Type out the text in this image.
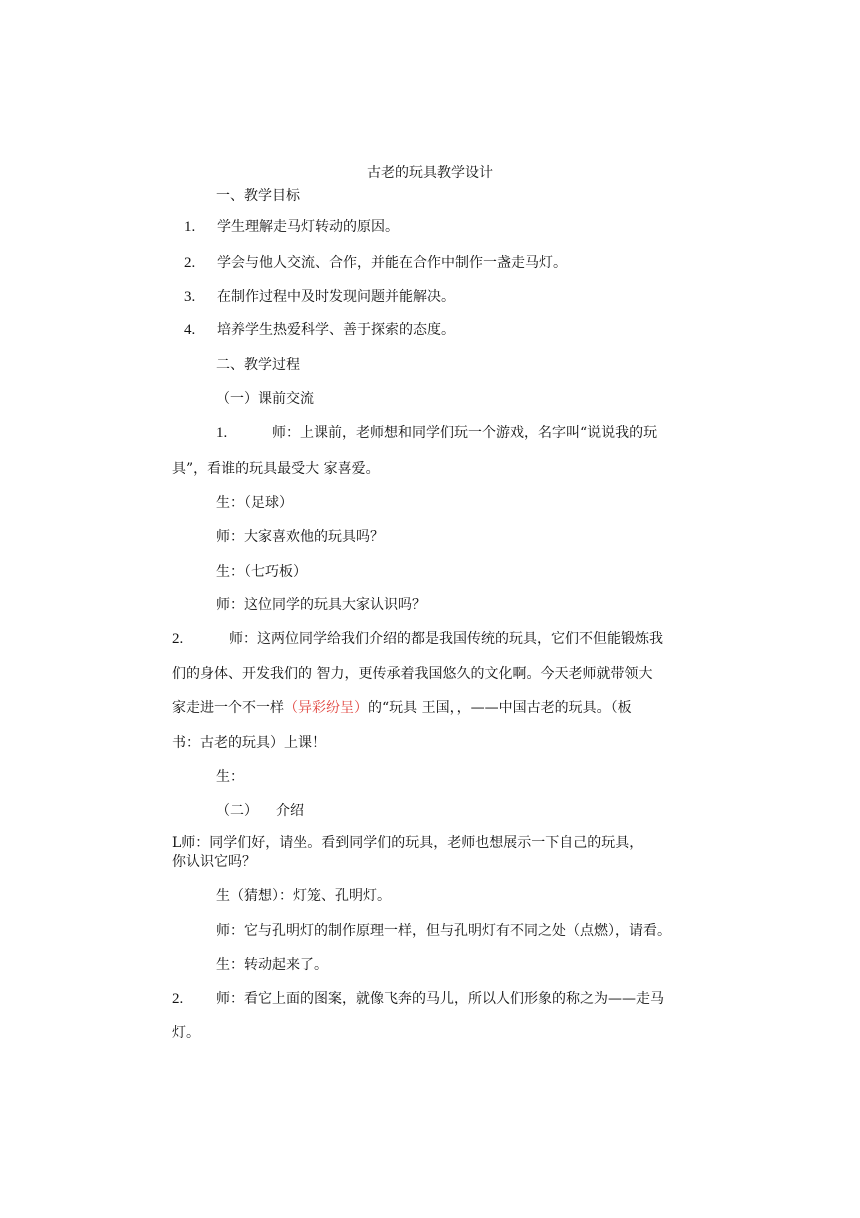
古老的玩具教学设计
一、教学目标
1. 学生理解走马灯转动的原因。
2. 学会与他人交流、合作，并能在合作中制作一盏走马灯。
3. 在制作过程中及时发现问题并能解决。
4. 培养学生热爱科学、善于探索的态度。
二、教学过程
（一）课前交流
1.	师：上课前，老师想和同学们玩一个游戏，名字叫“说说我的玩
具”，看谁的玩具最受大 家喜爱。
生：（足球）
师：大家喜欢他的玩具吗？
生：（七巧板）
师：这位同学的玩具大家认识吗？
2.	师：这两位同学给我们介绍的都是我国传统的玩具，它们不但能锻炼我
们的身体、开发我们的 智力，更传承着我国悠久的文化啊。今天老师就带领大
家走进一个不一样（异彩纷呈）的“玩具 王国，，——中国古老的玩具。（板
书：古老的玩具）上课！
生：
（二） 介绍
L师：同学们好，请坐。看到同学们的玩具，老师也想展示一下自己的玩具，
你认识它吗？
生（猜想）：灯笼、孔明灯。
师：它与孔明灯的制作原理一样，但与孔明灯有不同之处（点燃），请看。
生：转动起来了。
2. 师：看它上面的图案，就像飞奔的马儿，所以人们形象的称之为——走马
灯。
